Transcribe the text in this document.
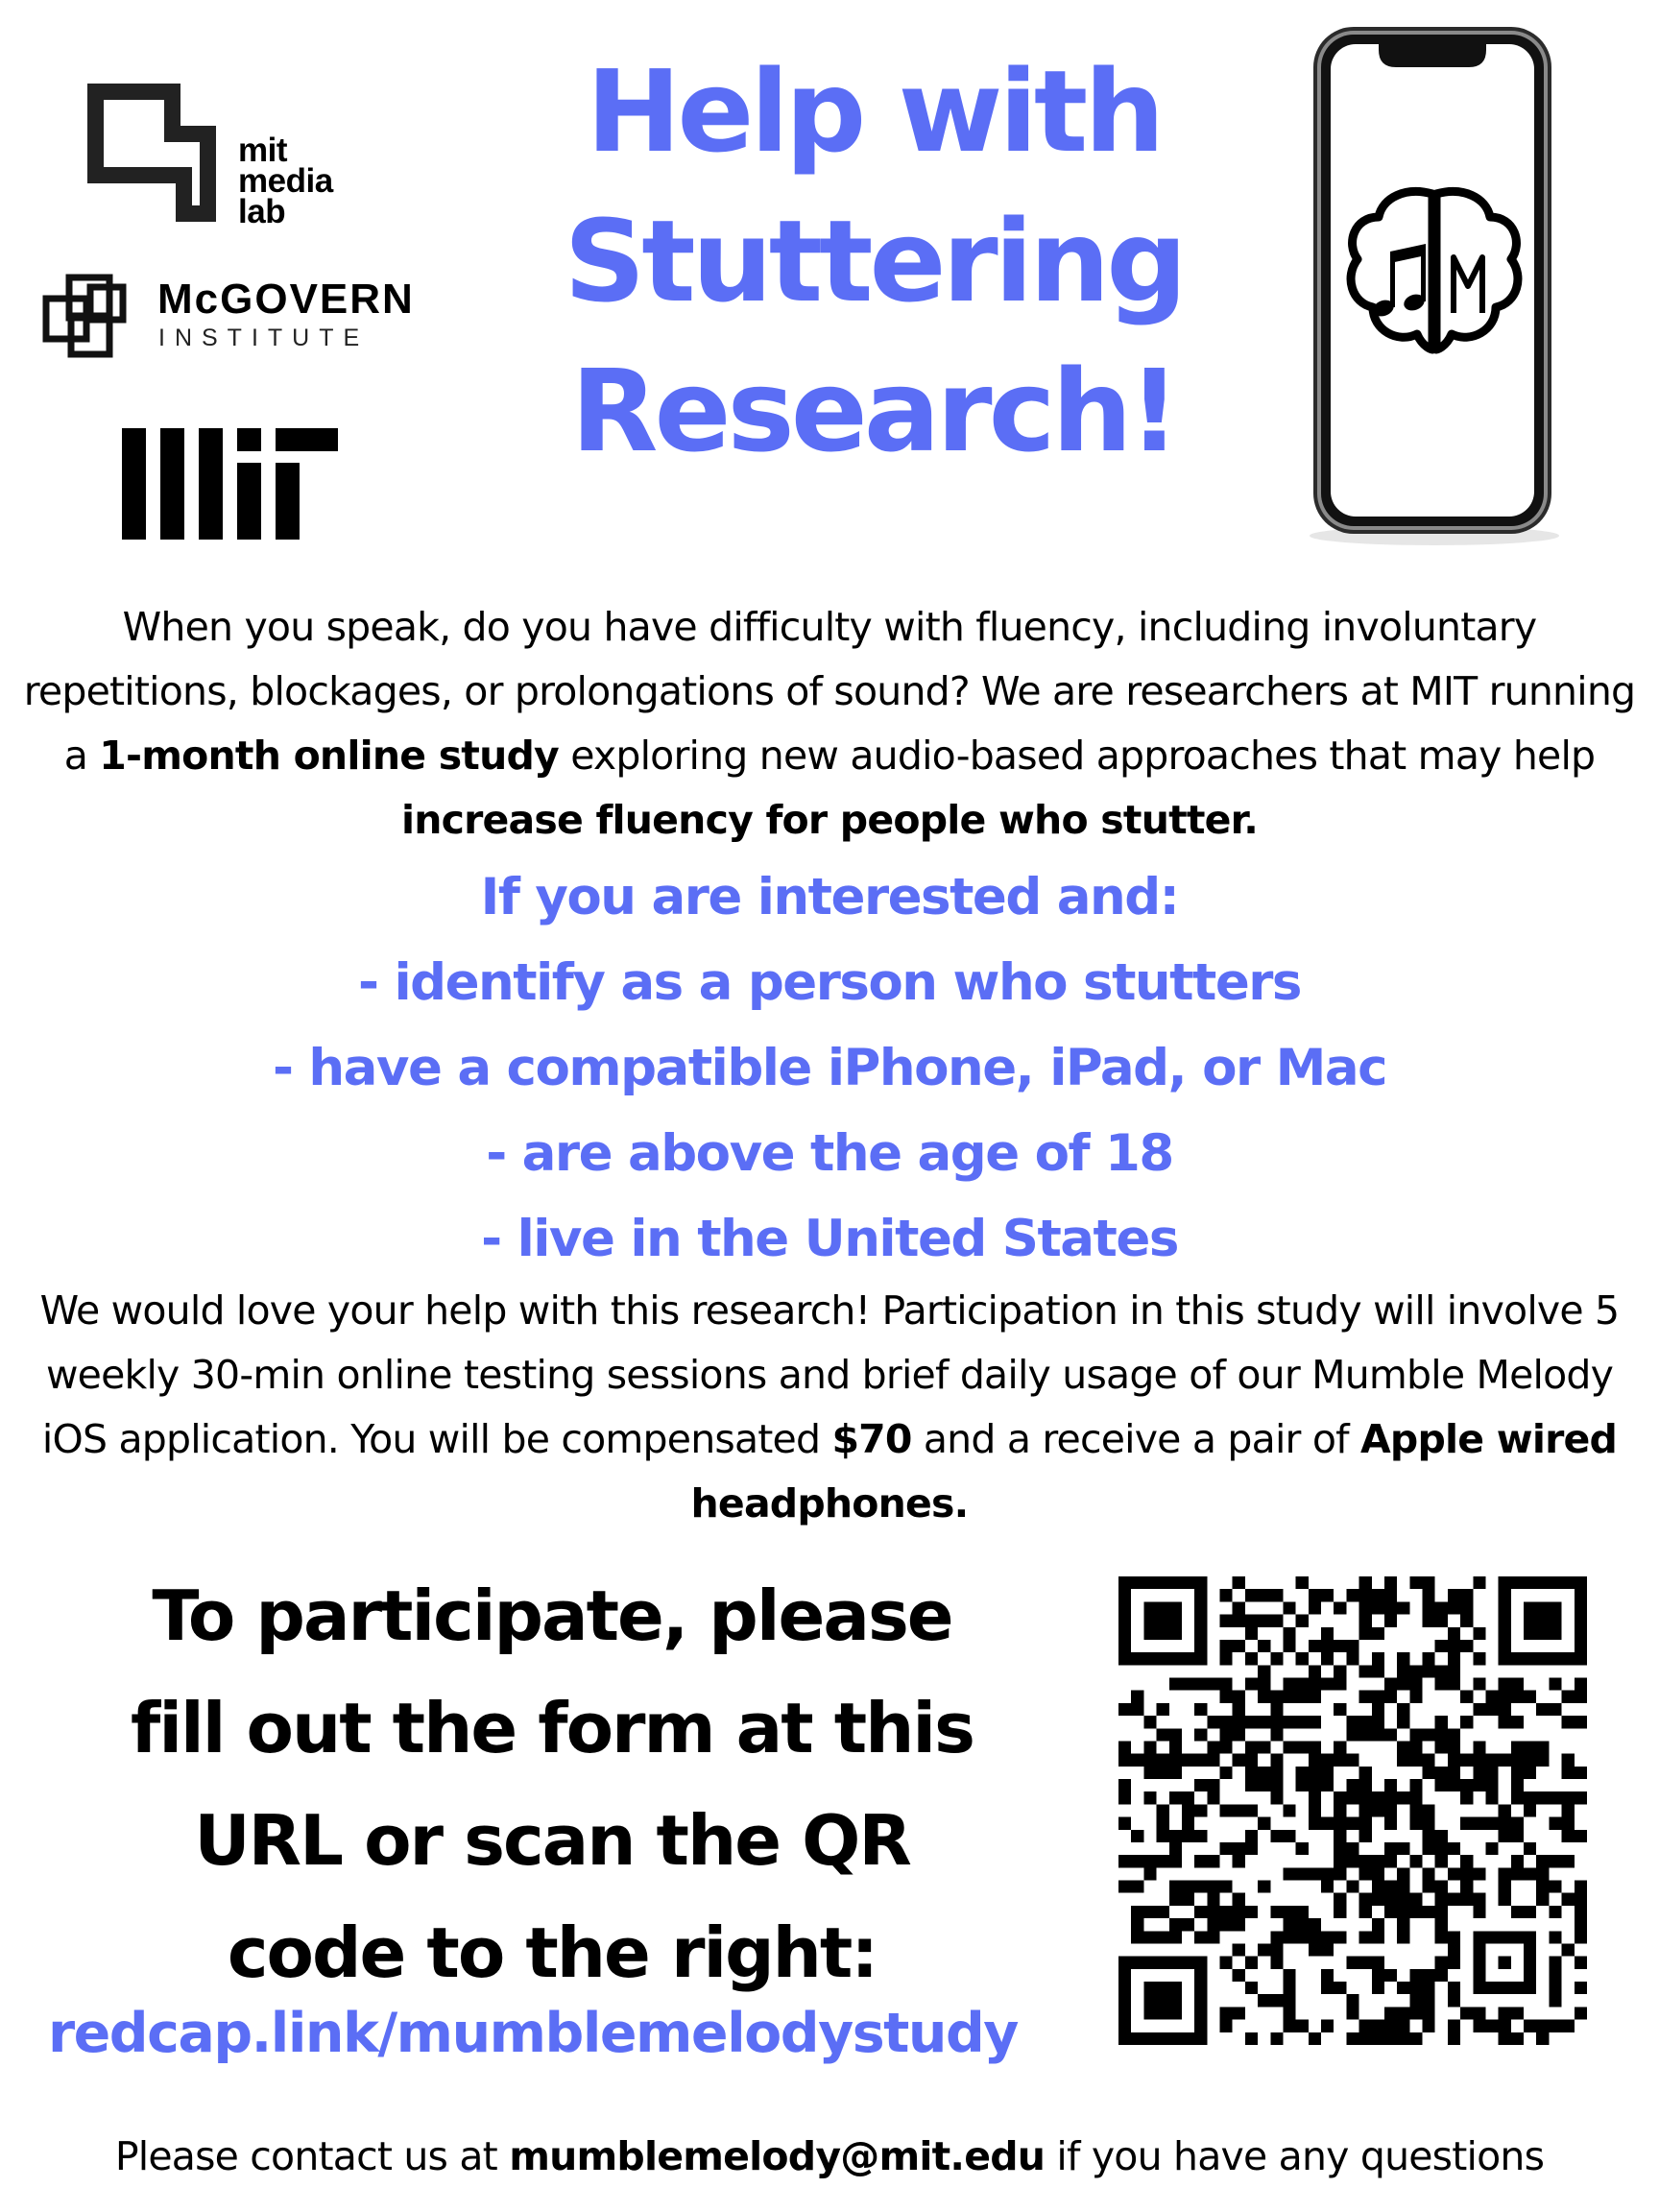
mit
media
lab
McGOVERN
INSTITUTE
Help with
Stuttering
Research!
When you speak, do you have difficulty with fluency, including involuntary repetitions, blockages, or prolongations of sound? We are researchers at MIT running a 1-month online study exploring new audio-based approaches that may help increase fluency for people who stutter.
If you are interested and:
- identify as a person who stutters
- have a compatible iPhone, iPad, or Mac
- are above the age of 18
- live in the United States
We would love your help with this research! Participation in this study will involve 5 weekly 30-min online testing sessions and brief daily usage of our Mumble Melody iOS application. You will be compensated $70 and a receive a pair of Apple wired headphones.
To participate, please
fill out the form at this
URL or scan the QR
code to the right:
redcap.link/mumblemelodystudy
Please contact us at mumblemelody@mit.edu if you have any questions
